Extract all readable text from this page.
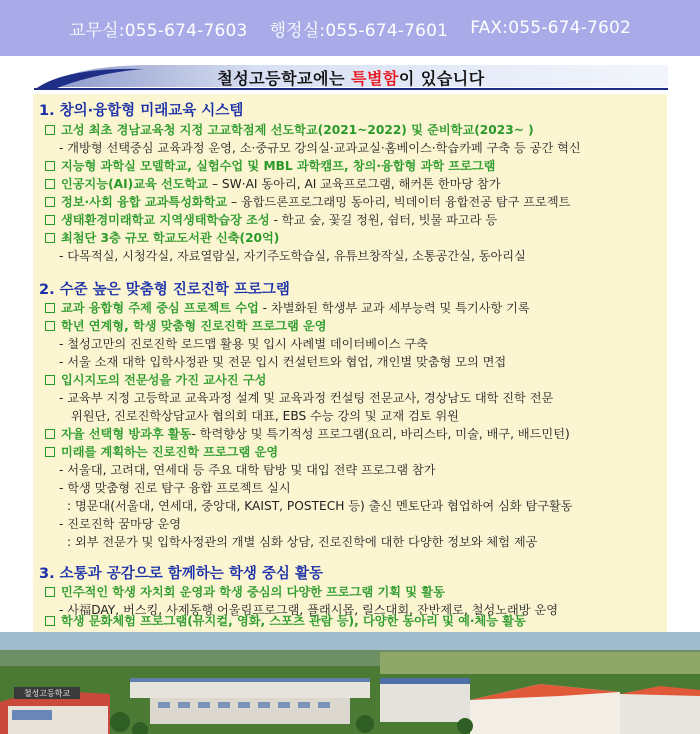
교무실:055-674-7603 행정실:055-674-7601 FAX:055-674-7602
철성고등학교에는 특별함이 있습니다
1. 창의·융합형 미래교육 시스템
고성 최초 경남교육청 지정 고교학점제 선도학교(2021~2022) 및 준비학교(2023~ )
- 개방형 선택중심 교육과정 운영, 소·중규모 강의실·교과교실·홈베이스·학습카페 구축 등 공간 혁신
지능형 과학실 모델학교, 실험수업 및 MBL 과학캠프, 창의·융합형 과학 프로그램
인공지능(AI)교육 선도학교 – SW·AI 동아리, AI 교육프로그램, 해커톤 한마당 참가
정보·사회 융합 교과특성화학교 – 융합드론프로그래밍 동아리, 빅데이터 융합전공 탐구 프로젝트
생태환경미래학교 지역생태학습장 조성 - 학교 숲, 꽃길 정원, 쉼터, 빗물 파고라 등
최첨단 3층 규모 학교도서관 신축(20억)
- 다목적실, 시청각실, 자료열람실, 자기주도학습실, 유튜브창작실, 소통공간실, 동아리실
2. 수준 높은 맞춤형 진로진학 프로그램
교과 융합형 주제 중심 프로젝트 수업 - 차별화된 학생부 교과 세부능력 및 특기사항 기록
학년 연계형, 학생 맞춤형 진로진학 프로그램 운영
- 철성고만의 진로진학 로드맵 활용 및 입시 사례별 데이터베이스 구축
- 서울 소재 대학 입학사정관 및 전문 입시 컨설턴트와 협업, 개인별 맞춤형 모의 면접
입시지도의 전문성을 가진 교사진 구성
- 교육부 지정 고등학교 교육과정 설계 및 교육과정 컨설팅 전문교사, 경상남도 대학 진학 전문
위원단, 진로진학상담교사 협의회 대표, EBS 수능 강의 및 교재 검토 위원
자율 선택형 방과후 활동- 학력향상 및 특기적성 프로그램(요리, 바리스타, 미술, 배구, 배드민턴)
미래를 계획하는 진로진학 프로그램 운영
- 서울대, 고려대, 연세대 등 주요 대학 탐방 및 대입 전략 프로그램 참가
- 학생 맞춤형 진로 탐구 융합 프로젝트 실시
: 명문대(서울대, 연세대, 중앙대, KAIST, POSTECH 등) 출신 멘토단과 협업하여 심화 탐구활동
- 진로진학 꿈마당 운영
: 외부 전문가 및 입학사정관의 개별 심화 상담, 진로진학에 대한 다양한 정보와 체험 제공
3. 소통과 공감으로 함께하는 학생 중심 활동
민주적인 학생 자치회 운영과 학생 중심의 다양한 프로그램 기획 및 활동
- 사福DAY, 버스킹, 사제동행 어울림프로그램, 플래시몹, 릴스대회, 잔반제로, 철성노래방 운영
학생 문화체험 프로그램(뮤지컬, 영화, 스포츠 관람 등), 다양한 동아리 및 예·체능 활동
철성고등학교
